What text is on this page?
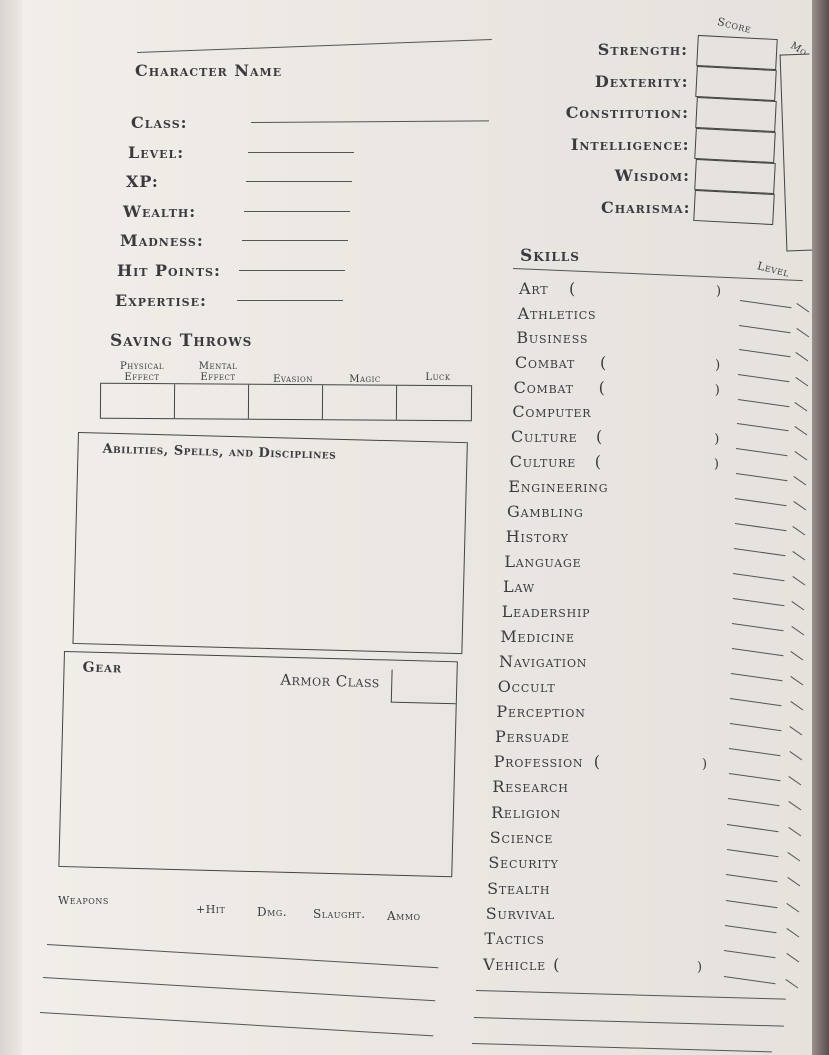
Character Name
Class:
Level:
XP:
Wealth:
Madness:
Hit Points:
Expertise:
Saving Throws
Physical Effect
Mental Effect	Evasion	Magic	Luck
Abilities, Spells, and Disciplines
Gear
Armor Class
Weapons
+Hit	Dmg. Slaught. Ammo
Score
Mo
Strength:
Dexterity:
Constitution:
Intelligence:
Wisdom:
Charisma:
Skills
Level
Art (	)
Athletics
Business
Combat (	)
Combat (	)
Computer
Culture (	)
Culture (	)
Engineering
Gambling
History
Language
Law
Leadership
Medicine
Navigation
Occult
Perception
Persuade
Profession (	)
Research
Religion
Science
Security
Stealth
Survival
Tactics
Vehicle (	)
